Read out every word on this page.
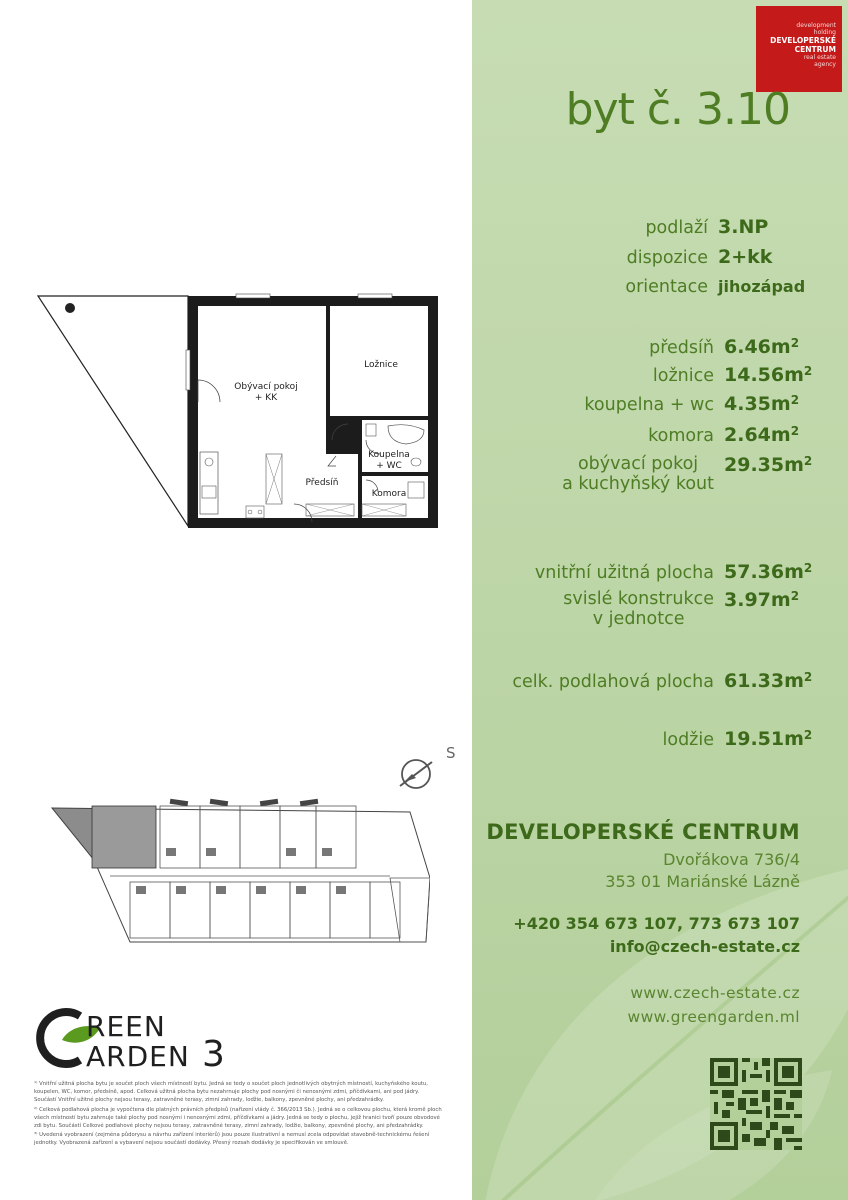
development
holding
DEVELOPERSKÉ
CENTRUM
real estate
agency
byt č. 3.10
podlaží 3.NP
dispozice 2+kk
orientace jihozápad
předsíň $6.46m^2$
ložnice $14.56m^2$
koupelna + wc $4.35m^2$
komora $2.64m^2$
obývací pokoj
a kuchyňský kout
$29.35m^2$
vnitřní užitná plocha $57.36m^2$
svislé konstrukce
v jednotce
$3.97m^2$
celk. podlahová plocha $61.33m^2$
lodžie $19.51m^2$
DEVELOPERSKÉ CENTRUM
Dvořákova 736/4
353 01 Mariánské Lázně
+420 354 673 107, 773 673 107
info@czech-estate.cz
www.czech-estate.cz
www.greengarden.ml
Obývací pokoj
+ KK
Ložnice
Koupelna
+ WC
Předsíň
Komora
S
REEN
ARDEN 3

¹⁾ Vnitřní užitná plocha bytu je součet ploch všech místností bytu. Jedná se tedy o součet ploch jednotlivých obytných místností, kuchyňského koutu, koupelen, WC, komor, předsíně, apod. Celková užitná plocha bytu nezahrnuje plochy pod nosnými či nenosnými zdmi, příčdívkami, ani pod jádry. Součástí Vnitřní užitné plochy nejsou terasy, zatravněné terasy, zimní zahrady, lodžie, balkony, zpevněné plochy, ani předzahrádky.

²⁾ Celková podlahová plocha je vypočtena dle platných právních předpisů (nařízení vlády č. 366/2013 Sb.). Jedná se o celkovou plochu, která kromě ploch všech místností bytu zahrnuje také plochy pod nosnými i nenosnými zdmi, příčdívkami a jádry. Jedná se tedy o plochu, jejíž hranici tvoří pouze obvodové zdi bytu. Součástí Celkové podlahové plochy nejsou terasy, zatravněné terasy, zimní zahrady, lodžie, balkony, zpevněné plochy, ani předzahrádky.

³⁾ Uvedená vyobrazení (zejména půdorysu a návrhu zařízení interiérů) jsou pouze ilustrativní a nemusí zcela odpovídat stavebně-technickému řešení jednotky. Vyobrazená zařízení a vybavení nejsou součástí dodávky. Přesný rozsah dodávky je specifikován ve smlouvě.
